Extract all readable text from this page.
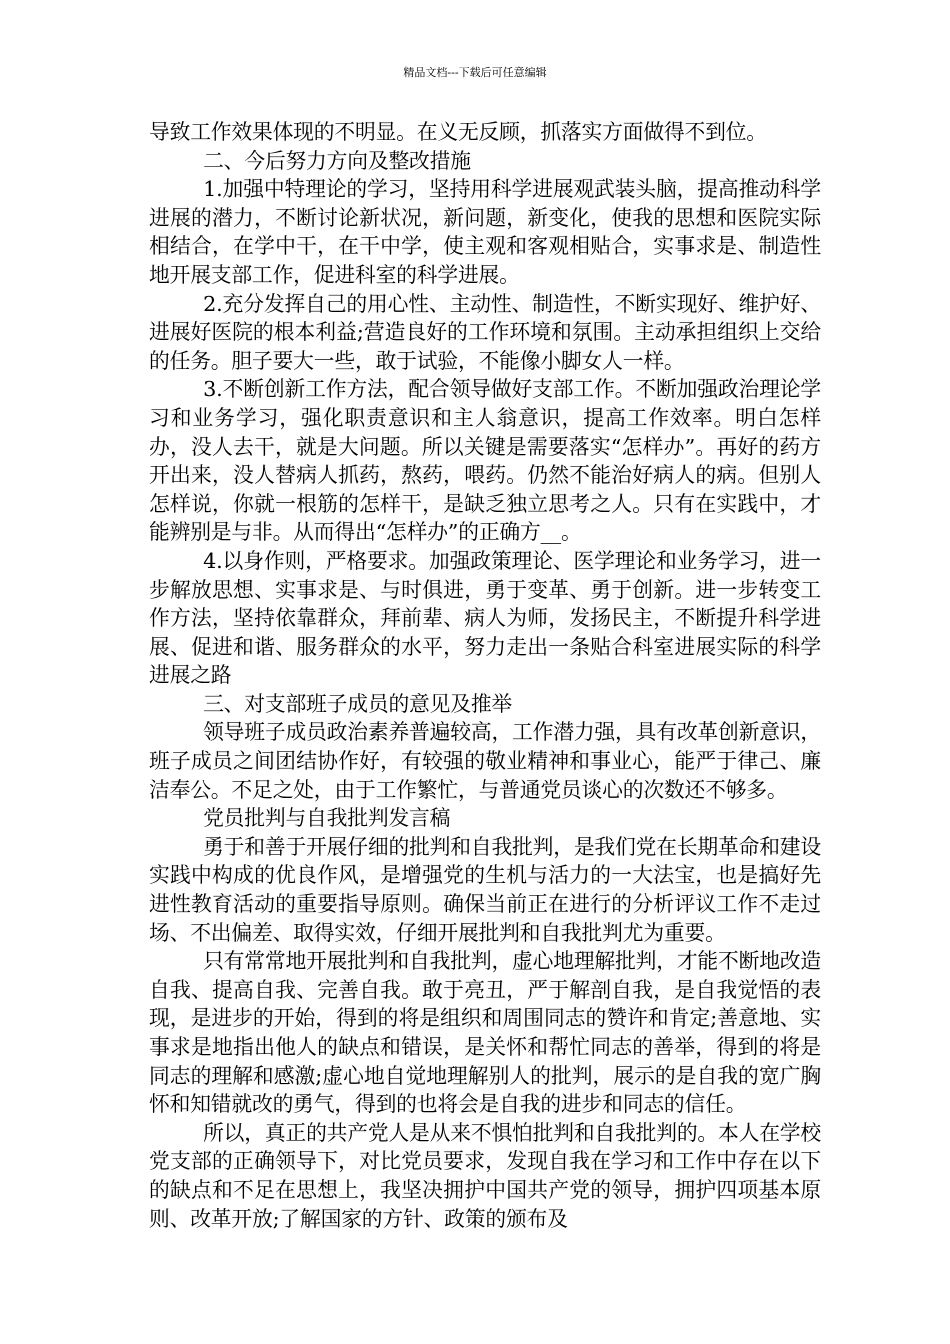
精品文档---下载后可任意编辑

导致工作效果体现的不明显。在义无反顾，抓落实方面做得不到位。

二、今后努力方向及整改措施

1.加强中特理论的学习，坚持用科学进展观武装头脑，提高推动科学进展的潜力，不断讨论新状况，新问题，新变化，使我的思想和医院实际相结合，在学中干，在干中学，使主观和客观相贴合，实事求是、制造性地开展支部工作，促进科室的科学进展。

2.充分发挥自己的用心性、主动性、制造性，不断实现好、维护好、进展好医院的根本利益;营造良好的工作环境和氛围。主动承担组织上交给的任务。胆子要大一些，敢于试验，不能像小脚女人一样。

3.不断创新工作方法，配合领导做好支部工作。不断加强政治理论学习和业务学习，强化职责意识和主人翁意识，提高工作效率。明白怎样办，没人去干，就是大问题。所以关键是需要落实“怎样办”。再好的药方开出来，没人替病人抓药，熬药，喂药。仍然不能治好病人的病。但别人怎样说，你就一根筋的怎样干，是缺乏独立思考之人。只有在实践中，才能辨别是与非。从而得出“怎样办”的正确方__。

4.以身作则，严格要求。加强政策理论、医学理论和业务学习，进一步解放思想、实事求是、与时俱进，勇于变革、勇于创新。进一步转变工作方法，坚持依靠群众，拜前辈、病人为师，发扬民主，不断提升科学进展、促进和谐、服务群众的水平，努力走出一条贴合科室进展实际的科学进展之路

三、对支部班子成员的意见及推举

领导班子成员政治素养普遍较高，工作潜力强，具有改革创新意识，班子成员之间团结协作好，有较强的敬业精神和事业心，能严于律己、廉洁奉公。不足之处，由于工作繁忙，与普通党员谈心的次数还不够多。

党员批判与自我批判发言稿

勇于和善于开展仔细的批判和自我批判，是我们党在长期革命和建设实践中构成的优良作风，是增强党的生机与活力的一大法宝，也是搞好先进性教育活动的重要指导原则。确保当前正在进行的分析评议工作不走过场、不出偏差、取得实效，仔细开展批判和自我批判尤为重要。

只有常常地开展批判和自我批判，虚心地理解批判，才能不断地改造自我、提高自我、完善自我。敢于亮丑，严于解剖自我，是自我觉悟的表现，是进步的开始，得到的将是组织和周围同志的赞许和肯定;善意地、实事求是地指出他人的缺点和错误，是关怀和帮忙同志的善举，得到的将是同志的理解和感激;虚心地自觉地理解别人的批判，展示的是自我的宽广胸怀和知错就改的勇气，得到的也将会是自我的进步和同志的信任。

所以，真正的共产党人是从来不惧怕批判和自我批判的。本人在学校党支部的正确领导下，对比党员要求，发现自我在学习和工作中存在以下的缺点和不足在思想上，我坚决拥护中国共产党的领导，拥护四项基本原则、改革开放;了解国家的方针、政策的颁布及
